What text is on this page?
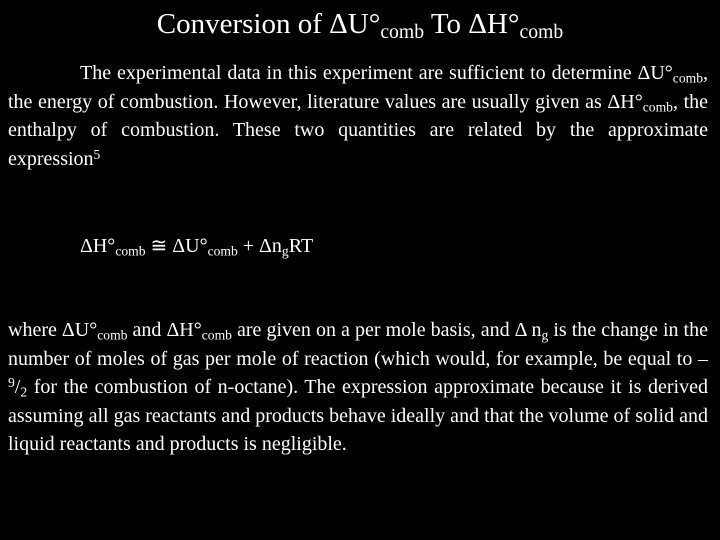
Conversion of $\Delta U^\circ_{comb}$ To $\Delta H^\circ_{comb}$
The experimental data in this experiment are sufficient to determine $\Delta U^\circ_{comb}$, the energy of combustion. However, literature values are usually given as $\Delta H^\circ_{comb}$, the enthalpy of combustion. These two quantities are related by the approximate expression$^5$
$\Delta H^\circ_{comb}$ ≅ $\Delta U^\circ_{comb} + \Delta n_gRT$
where $\Delta U^\circ_{comb}$ and $\Delta H^\circ_{comb}$ are given on a per mole basis, and Δ $n_g$ is the change in the number of moles of gas per mole of reaction (which would, for example, be equal to – $^9/_2$ for the combustion of n-octane). The expression approximate because it is derived assuming all gas reactants and products behave ideally and that the volume of solid and liquid reactants and products is negligible.
